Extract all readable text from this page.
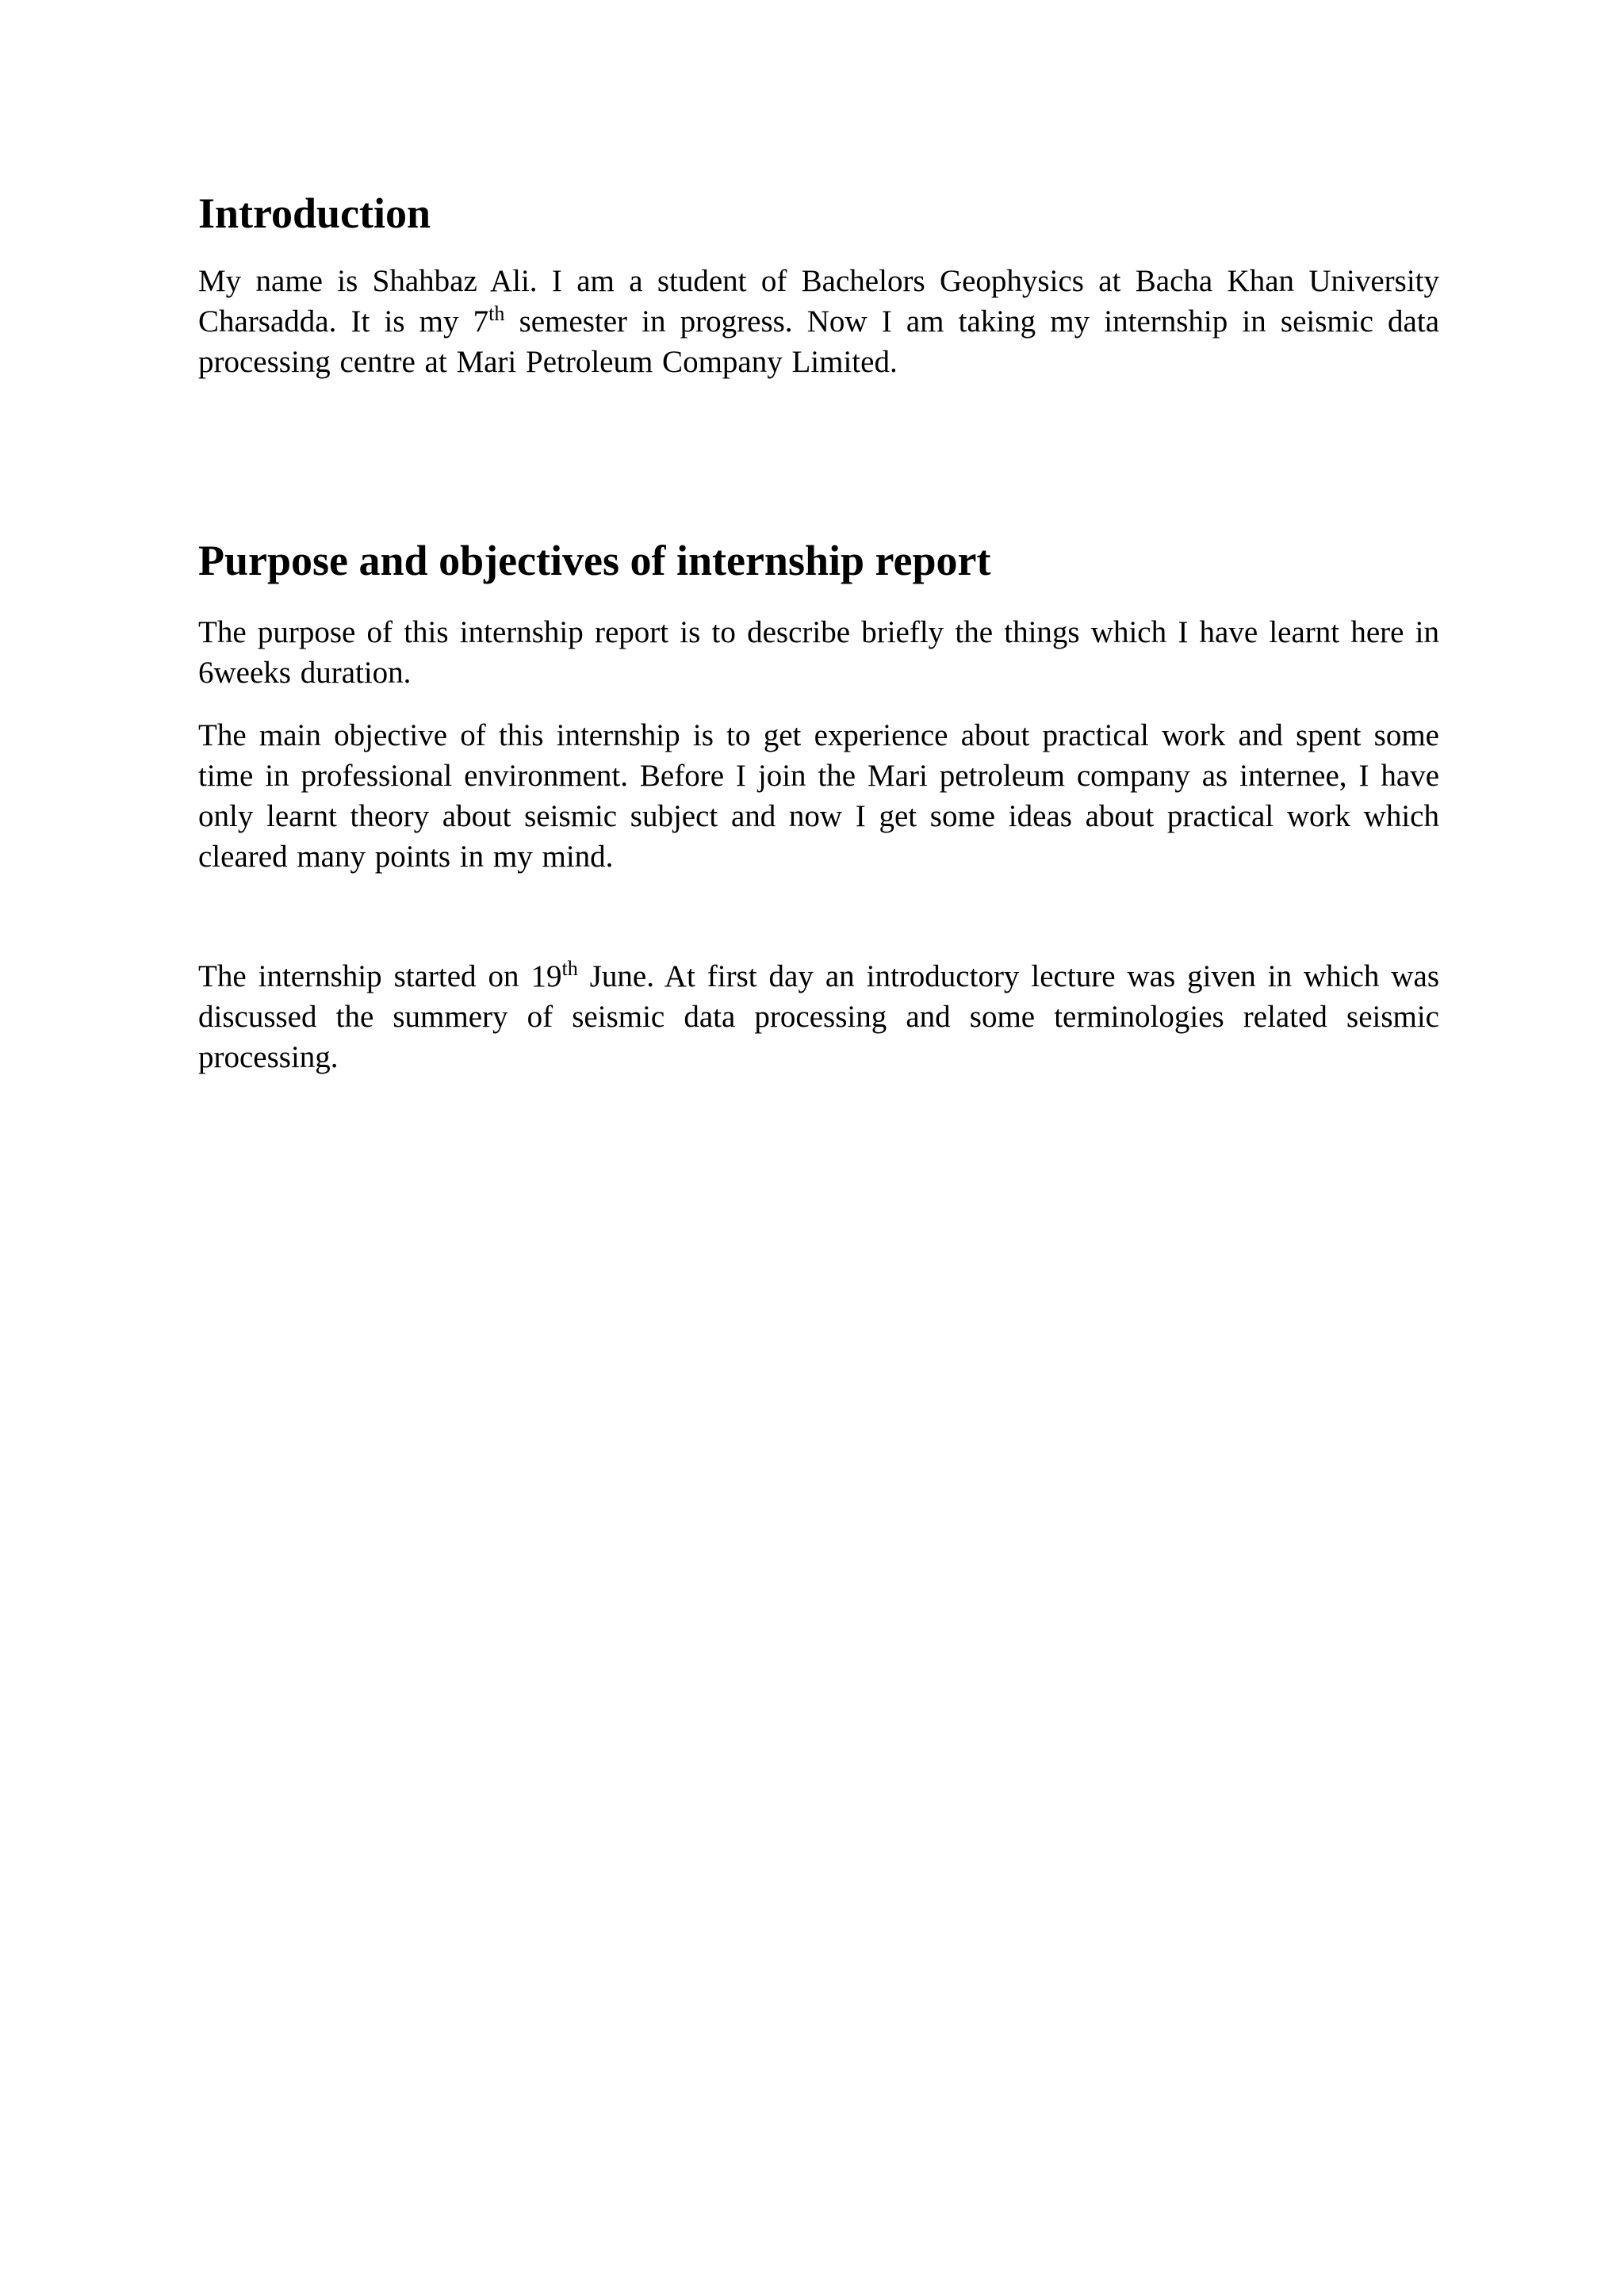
Introduction

My name is Shahbaz Ali. I am a student of Bachelors Geophysics at Bacha Khan University Charsadda. It is my 7th semester in progress. Now I am taking my internship in seismic data processing centre at Mari Petroleum Company Limited.

Purpose and objectives of internship report

The purpose of this internship report is to describe briefly the things which I have learnt here in 6weeks duration.

The main objective of this internship is to get experience about practical work and spent some time in professional environment. Before I join the Mari petroleum company as internee, I have only learnt theory about seismic subject and now I get some ideas about practical work which cleared many points in my mind.

The internship started on 19th June. At first day an introductory lecture was given in which was discussed the summery of seismic data processing and some terminologies related seismic processing.
